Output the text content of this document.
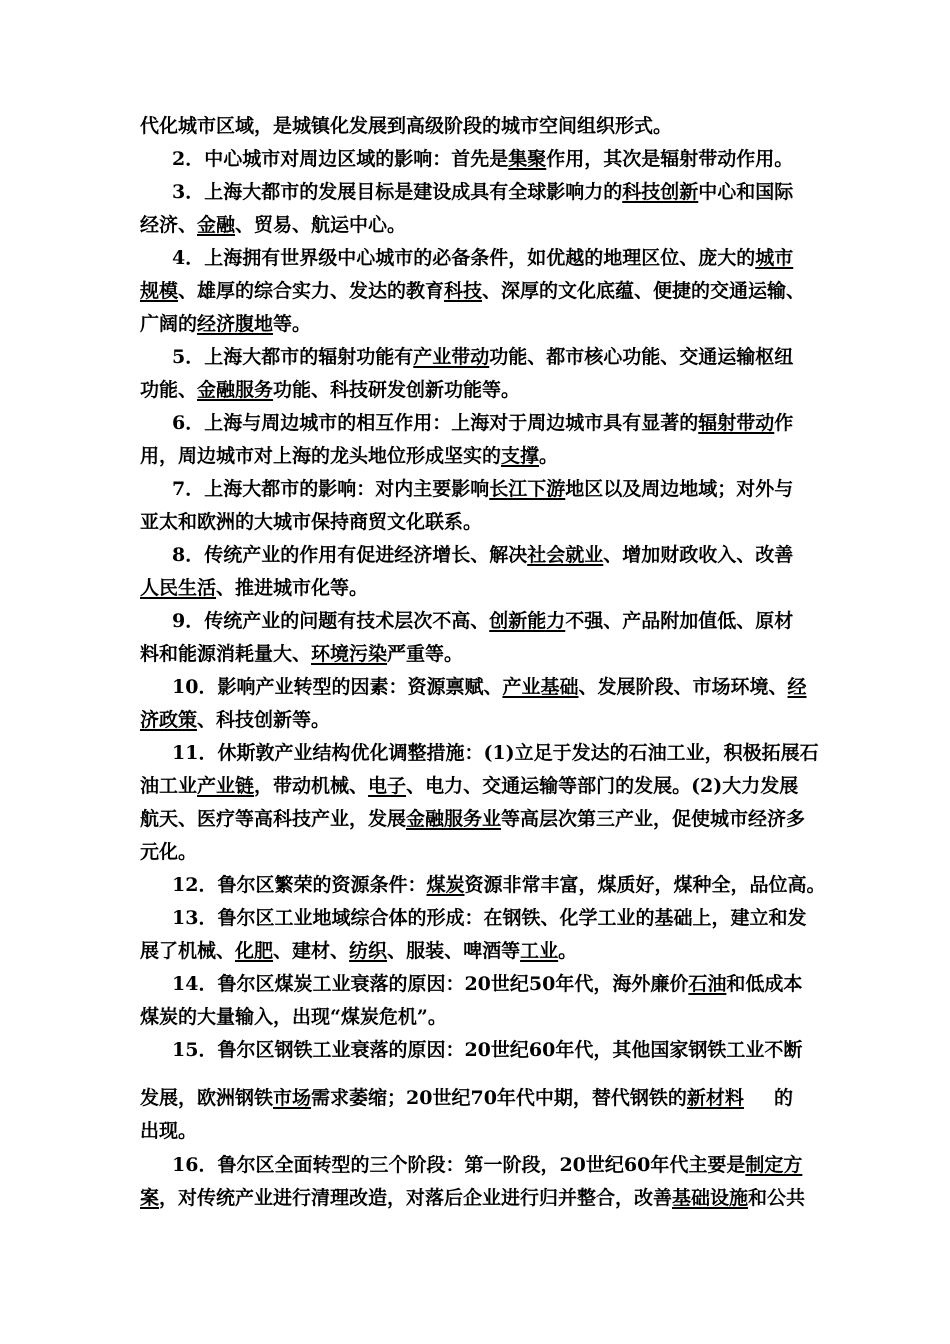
代化城市区域，是城镇化发展到高级阶段的城市空间组织形式。
2．中心城市对周边区域的影响：首先是集聚作用，其次是辐射带动作用。
3．上海大都市的发展目标是建设成具有全球影响力的科技创新中心和国际
经济、金融、贸易、航运中心。
4．上海拥有世界级中心城市的必备条件，如优越的地理区位、庞大的城市
规模、雄厚的综合实力、发达的教育科技、深厚的文化底蕴、便捷的交通运输、
广阔的经济腹地等。
5．上海大都市的辐射功能有产业带动功能、都市核心功能、交通运输枢纽
功能、金融服务功能、科技研发创新功能等。
6．上海与周边城市的相互作用：上海对于周边城市具有显著的辐射带动作
用，周边城市对上海的龙头地位形成坚实的支撑。
7．上海大都市的影响：对内主要影响长江下游地区以及周边地域；对外与
亚太和欧洲的大城市保持商贸文化联系。
8．传统产业的作用有促进经济增长、解决社会就业、增加财政收入、改善
人民生活、推进城市化等。
9．传统产业的问题有技术层次不高、创新能力不强、产品附加值低、原材
料和能源消耗量大、环境污染严重等。
10．影响产业转型的因素：资源禀赋、产业基础、发展阶段、市场环境、经
济政策、科技创新等。
11．休斯敦产业结构优化调整措施：(1)立足于发达的石油工业，积极拓展石
油工业产业链，带动机械、电子、电力、交通运输等部门的发展。(2)大力发展
航天、医疗等高科技产业，发展金融服务业等高层次第三产业，促使城市经济多
元化。
12．鲁尔区繁荣的资源条件：煤炭资源非常丰富，煤质好，煤种全，品位高。
13．鲁尔区工业地域综合体的形成：在钢铁、化学工业的基础上，建立和发
展了机械、化肥、建材、纺织、服装、啤酒等工业。
14．鲁尔区煤炭工业衰落的原因：20世纪50年代，海外廉价石油和低成本
煤炭的大量输入，出现“煤炭危机”。
15．鲁尔区钢铁工业衰落的原因：20世纪60年代，其他国家钢铁工业不断
发展，欧洲钢铁市场需求萎缩；20世纪70年代中期，替代钢铁的新材料 的
出现。
16．鲁尔区全面转型的三个阶段：第一阶段，20世纪60年代主要是制定方
案，对传统产业进行清理改造，对落后企业进行归并整合，改善基础设施和公共
